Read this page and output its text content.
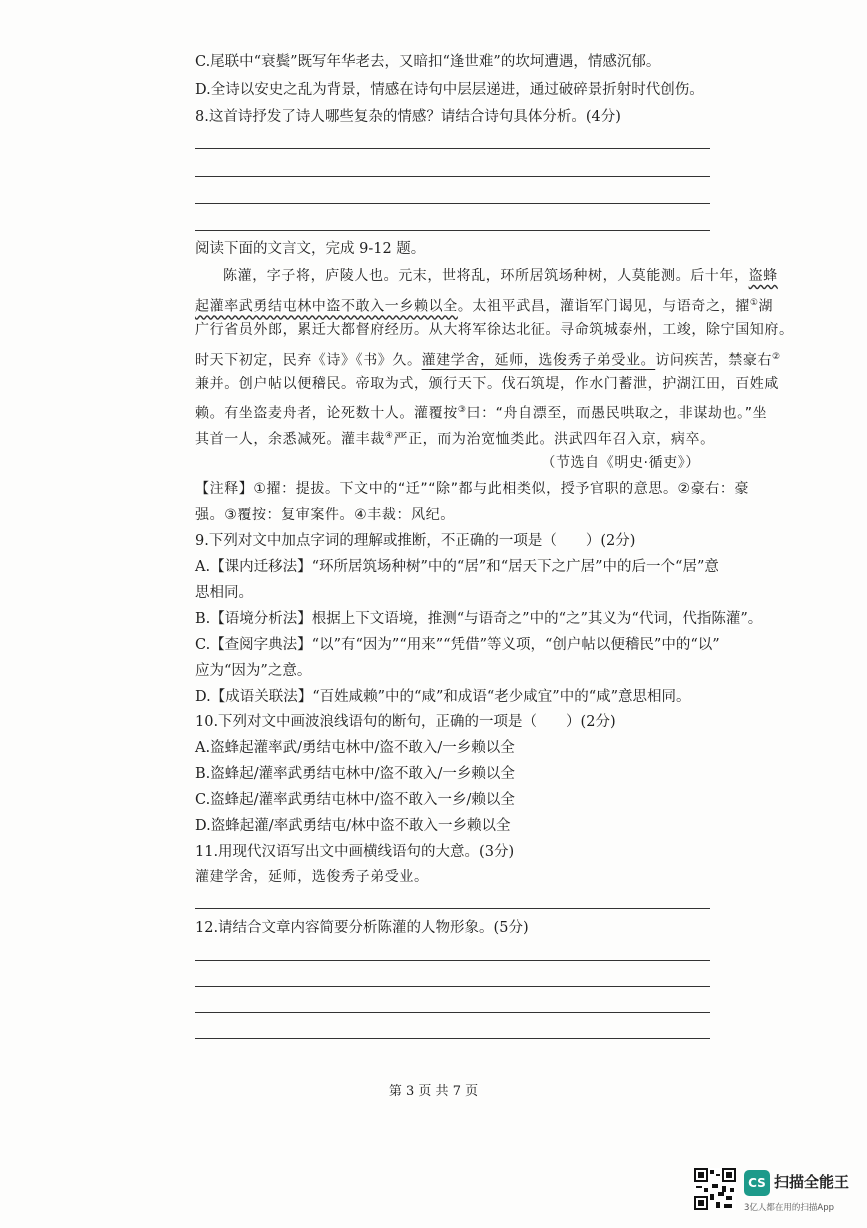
C.尾联中“衰鬓”既写年华老去，又暗扣“逢世难”的坎坷遭遇，情感沉郁。
D.全诗以安史之乱为背景，情感在诗句中层层递进，通过破碎景折射时代创伤。
8.这首诗抒发了诗人哪些复杂的情感？请结合诗句具体分析。(4分)
阅读下面的文言文，完成 9-12 题。
陈灌，字子将，庐陵人也。元末，世将乱，环所居筑场种树，人莫能测。后十年，盗蜂
起灌率武勇结屯林中盗不敢入一乡赖以全。太祖平武昌，灌诣军门谒见，与语奇之，擢①湖
广行省员外郎，累迁大都督府经历。从大将军徐达北征。寻命筑城泰州，工竣，除宁国知府。
时天下初定，民弃《诗》《书》久。灌建学舍，延师，选俊秀子弟受业。访问疾苦，禁豪右②
兼并。创户帖以便稽民。帝取为式，颁行天下。伐石筑堤，作水门蓄泄，护湖江田，百姓咸
赖。有坐盗麦舟者，论死数十人。灌覆按③曰：“舟自漂至，而愚民哄取之，非谋劫也。”坐
其首一人，余悉减死。灌丰裁④严正，而为治宽恤类此。洪武四年召入京，病卒。
（节选自《明史·循吏》）
【注释】①擢：提拔。下文中的“迁”“除”都与此相类似，授予官职的意思。②豪右：豪
强。③覆按：复审案件。④丰裁：风纪。
9.下列对文中加点字词的理解或推断，不正确的一项是（　　）(2分)
A.【课内迁移法】“环所居筑场种树”中的“居”和“居天下之广居”中的后一个“居”意
思相同。
B.【语境分析法】根据上下文语境，推测“与语奇之”中的“之”其义为“代词，代指陈灌”。
C.【查阅字典法】“以”有“因为”“用来”“凭借”等义项，“创户帖以便稽民”中的“以”
应为“因为”之意。
D.【成语关联法】“百姓咸赖”中的“咸”和成语“老少咸宜”中的“咸”意思相同。
10.下列对文中画波浪线语句的断句，正确的一项是（　　）(2分)
A.盗蜂起灌率武/勇结屯林中/盗不敢入/一乡赖以全
B.盗蜂起/灌率武勇结屯林中/盗不敢入/一乡赖以全
C.盗蜂起/灌率武勇结屯林中/盗不敢入一乡/赖以全
D.盗蜂起灌/率武勇结屯/林中盗不敢入一乡赖以全
11.用现代汉语写出文中画横线语句的大意。(3分)
灌建学舍，延师，选俊秀子弟受业。
12.请结合文章内容简要分析陈灌的人物形象。(5分)
第 3 页 共 7 页
CS 扫描全能王
3亿人都在用的扫描App
